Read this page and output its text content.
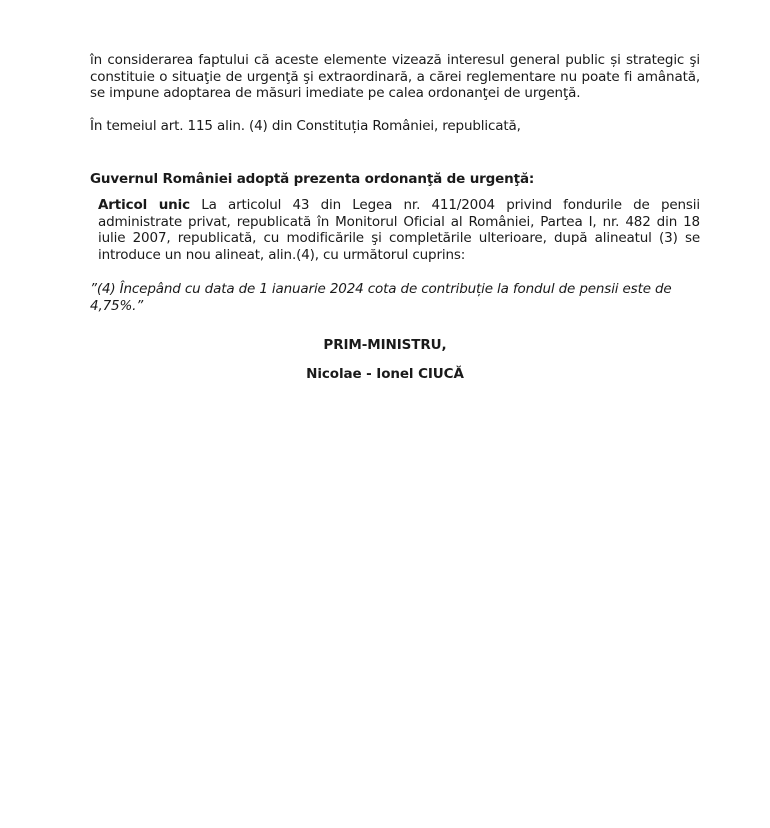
în considerarea faptului că aceste elemente vizează interesul general public și strategic şi constituie o situaţie de urgenţă şi extraordinară, a cărei reglementare nu poate fi amânată, se impune adoptarea de măsuri imediate pe calea ordonanţei de urgenţă.

În temeiul art. 115 alin. (4) din Constituția României, republicată,

Guvernul României adoptă prezenta ordonanţă de urgenţă:

Articol unic La articolul 43 din Legea nr. 411/2004 privind fondurile de pensii administrate privat, republicată în Monitorul Oficial al României, Partea I, nr. 482 din 18 iulie 2007, republicată, cu modificările şi completările ulterioare, după alineatul (3) se introduce un nou alineat, alin.(4), cu următorul cuprins:

”(4) Începând cu data de 1 ianuarie 2024 cota de contribuție la fondul de pensii este de 4,75%.”

PRIM-MINISTRU,
Nicolae - Ionel CIUCĂ
